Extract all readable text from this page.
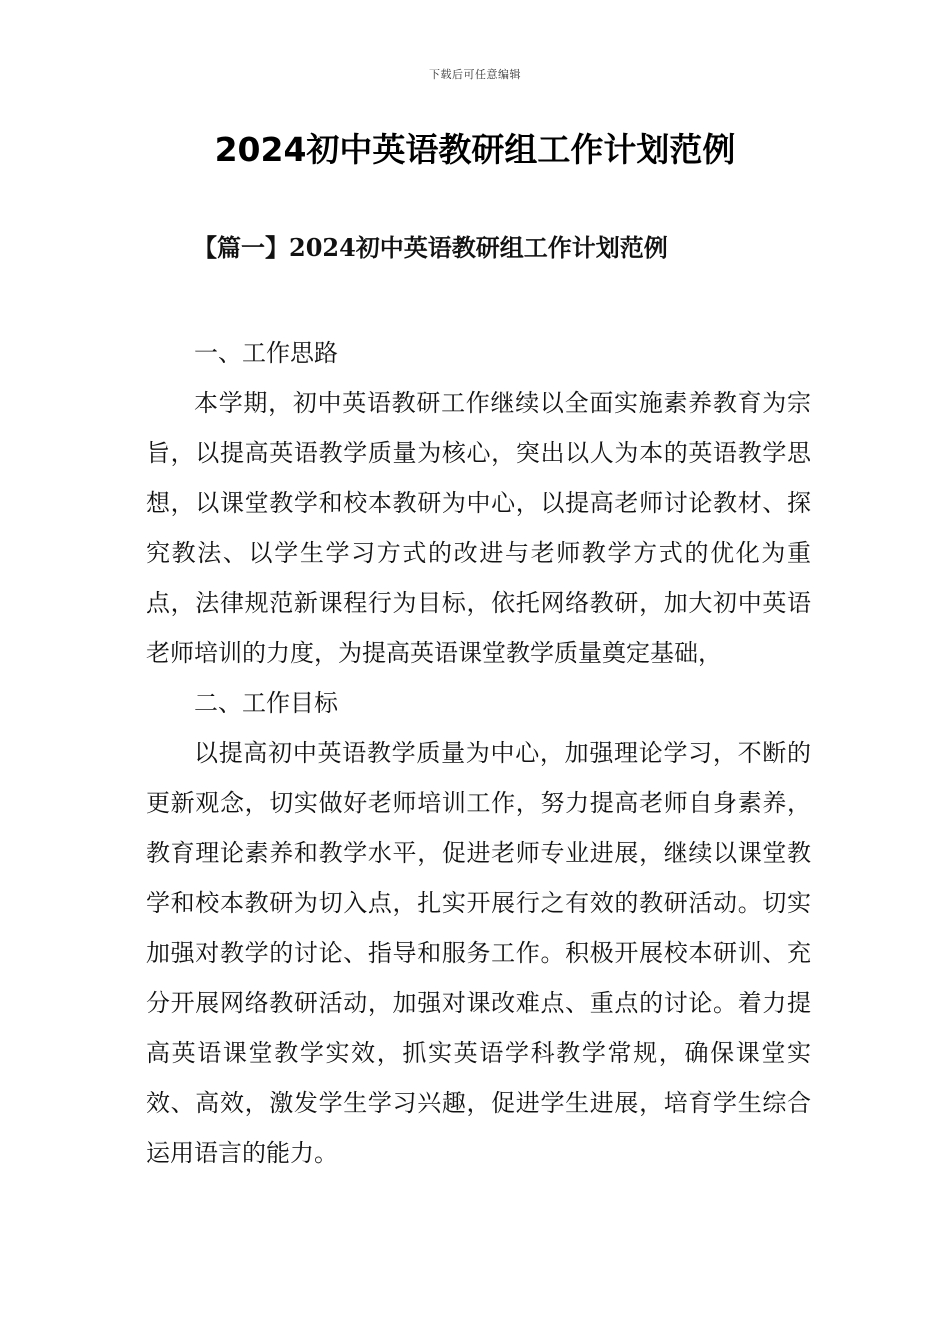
下载后可任意编辑
2024初中英语教研组工作计划范例
【篇一】2024初中英语教研组工作计划范例
一、工作思路

本学期，初中英语教研工作继续以全面实施素养教育为宗旨，以提高英语教学质量为核心，突出以人为本的英语教学思想，以课堂教学和校本教研为中心，以提高老师讨论教材、探究教法、以学生学习方式的改进与老师教学方式的优化为重点，法律规范新课程行为目标，依托网络教研，加大初中英语老师培训的力度，为提高英语课堂教学质量奠定基础，

二、工作目标

以提高初中英语教学质量为中心，加强理论学习，不断的更新观念，切实做好老师培训工作，努力提高老师自身素养，教育理论素养和教学水平，促进老师专业进展，继续以课堂教学和校本教研为切入点，扎实开展行之有效的教研活动。切实加强对教学的讨论、指导和服务工作。积极开展校本研训、充分开展网络教研活动，加强对课改难点、重点的讨论。着力提高英语课堂教学实效，抓实英语学科教学常规，确保课堂实效、高效，激发学生学习兴趣，促进学生进展，培育学生综合运用语言的能力。
